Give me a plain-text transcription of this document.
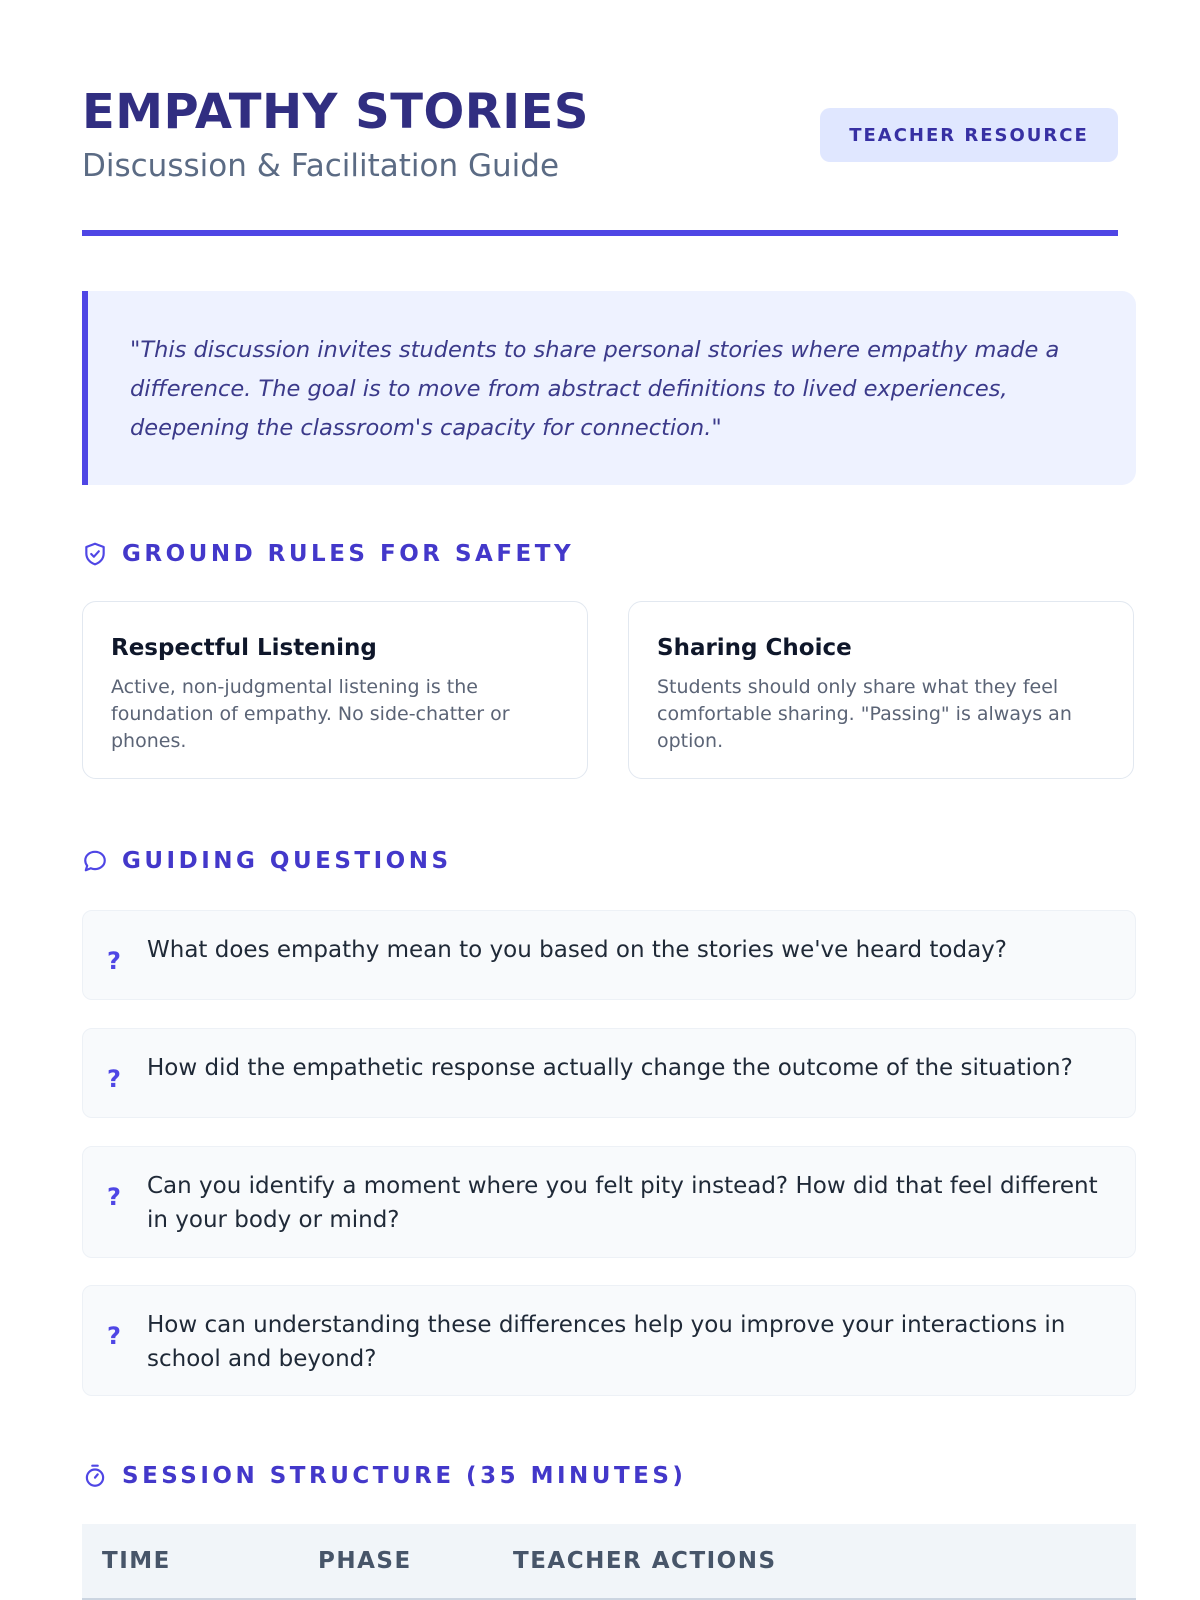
EMPATHY STORIES
Discussion & Facilitation Guide
TEACHER RESOURCE

"This discussion invites students to share personal stories where empathy made a difference. The goal is to move from abstract definitions to lived experiences, deepening the classroom's capacity for connection."

GROUND RULES FOR SAFETY
Respectful Listening

Active, non-judgmental listening is the foundation of empathy. No side-chatter or phones.

Sharing Choice

Students should only share what they feel comfortable sharing. "Passing" is always an option.

GUIDING QUESTIONS
? What does empathy mean to you based on the stories we've heard today?

? How did the empathetic response actually change the outcome of the situation?

? Can you identify a moment where you felt pity instead? How did that feel different in your body or mind?

? How can understanding these differences help you improve your interactions in school and beyond?

SESSION STRUCTURE (35 MINUTES)
TIME	PHASE	TEACHER ACTIONS
